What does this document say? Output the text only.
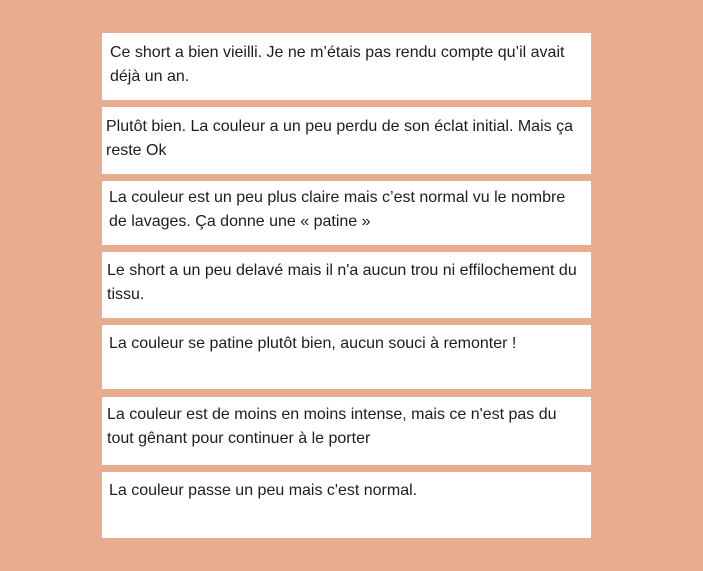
Ce short a bien vieilli. Je ne m’étais pas rendu compte qu’il avait déjà un an.

Plutôt bien. La couleur a un peu perdu de son éclat initial. Mais ça reste Ok

La couleur est un peu plus claire mais c’est normal vu le nombre de lavages. Ça donne une « patine »

Le short a un peu delavé mais il n'a aucun trou ni effilochement du tissu.

La couleur se patine plutôt bien, aucun souci à remonter !

La couleur est de moins en moins intense, mais ce n'est pas du tout gênant pour continuer à le porter

La couleur passe un peu mais c'est normal.
